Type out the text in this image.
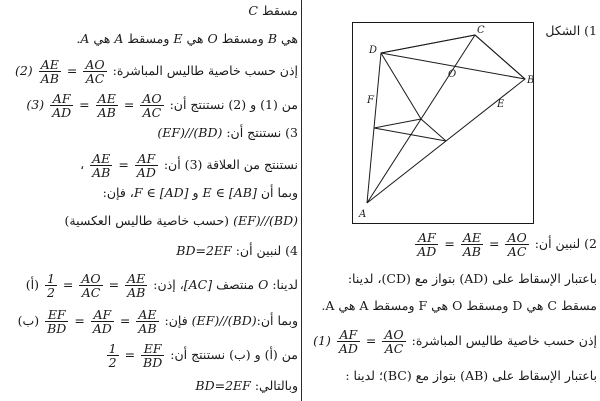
1) الشكل
2) لنبين أن:
$\frac{AO}{AC}$
=
$\frac{AE}{AB}$
=
$\frac{AF}{AD}$
باعتبار الإسقاط على (AD) بتواز مع (CD)، لدينا:
مسقط C هي D ومسقط O هي F ومسقط A هي A.
إذن حسب خاصية طاليس المباشرة:
$\frac{AO}{AC}$
=
$\frac{AF}{AD}$
(1)
باعتبار الإسقاط على (AB) بتواز مع (BC)؛ لدينا :
A
B
C
D
E
F
O
مسقط C
هي B ومسقط O هي E ومسقط A هي A.
إذن حسب خاصية طاليس المباشرة:
$\frac{AO}{AC}$
=
$\frac{AE}{AB}$
(2)
من (1) و (2) نستنتج أن:
$\frac{AO}{AC}$
=
$\frac{AE}{AB}$
=
$\frac{AF}{AD}$
(3)
3) نستنتج أن: (EF)//(BD)
نستنتج من العلاقة (3) أن:
$\frac{AF}{AD}$
=
$\frac{AE}{AB}$
،
وبما أن E ∈ [AB] و F ∈ [AD]، فإن:
(EF)//(BD) (حسب خاصية طاليس العكسية)
4) لنبين أن: BD=2EF
لدينا: O منتصف [AC]، إذن:
$\frac{AE}{AB}$
=
$\frac{AO}{AC}$
=
$\frac{1}{2}$
(أ)
وبما أن:(EF)//(BD) فإن:
$\frac{AE}{AB}$
=
$\frac{AF}{AD}$
=
$\frac{EF}{BD}$
(ب)
من (أ) و (ب) نستنتج أن:
$\frac{EF}{BD}$
=
$\frac{1}{2}$
وبالتالي: BD=2EF
